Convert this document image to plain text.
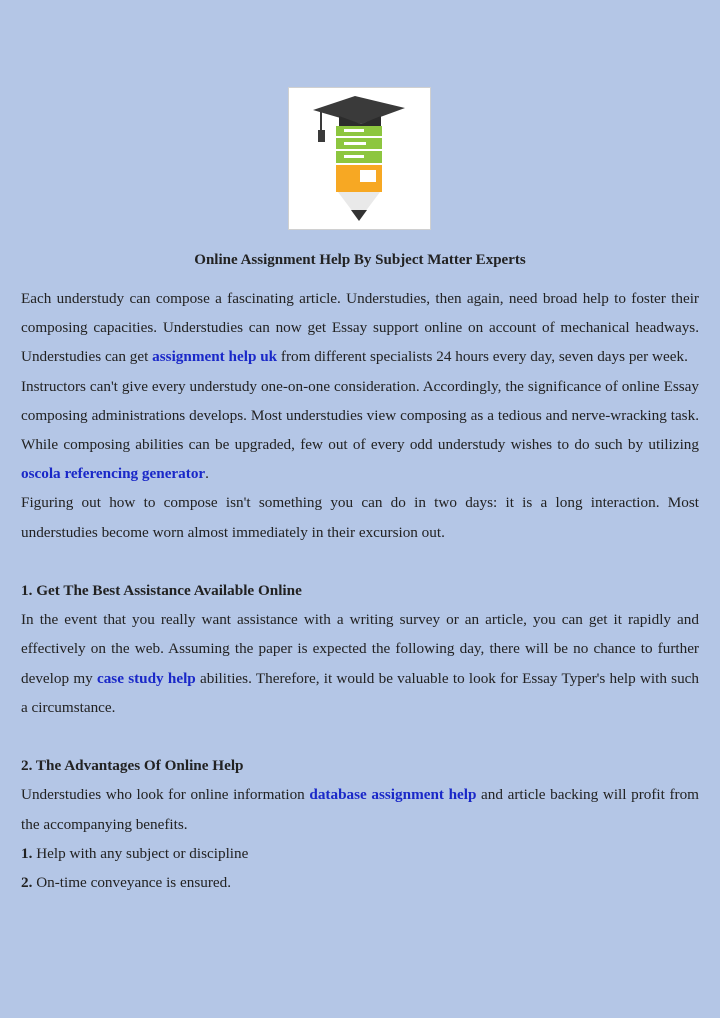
Online Assignment Help By Subject Matter Experts

Each understudy can compose a fascinating article. Understudies, then again, need broad help to foster their composing capacities. Understudies can now get Essay support online on account of mechanical headways. Understudies can get assignment help uk from different specialists 24 hours every day, seven days per week.

Instructors can't give every understudy one-on-one consideration. Accordingly, the significance of online Essay composing administrations develops. Most understudies view composing as a tedious and nerve-wracking task. While composing abilities can be upgraded, few out of every odd understudy wishes to do such by utilizing oscola referencing generator.

Figuring out how to compose isn't something you can do in two days: it is a long interaction. Most understudies become worn almost immediately in their excursion out.

1. Get The Best Assistance Available Online

In the event that you really want assistance with a writing survey or an article, you can get it rapidly and effectively on the web. Assuming the paper is expected the following day, there will be no chance to further develop my case study help abilities. Therefore, it would be valuable to look for Essay Typer's help with such a circumstance.

2. The Advantages Of Online Help

Understudies who look for online information database assignment help and article backing will profit from the accompanying benefits.

1. Help with any subject or discipline

2. On-time conveyance is ensured.
